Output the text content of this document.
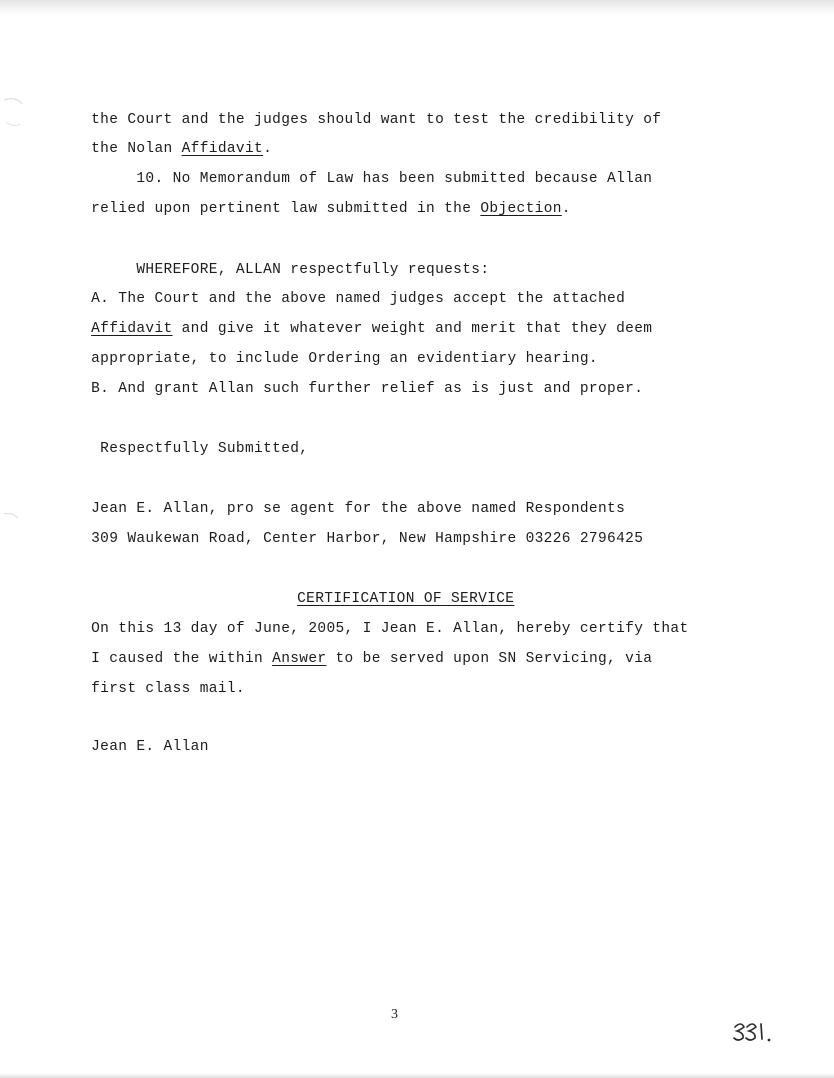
the Court and the judges should want to test the credibility of

the Nolan Affidavit.

10. No Memorandum of Law has been submitted because Allan

relied upon pertinent law submitted in the Objection.

WHEREFORE, ALLAN respectfully requests:

A. The Court and the above named judges accept the attached

Affidavit and give it whatever weight and merit that they deem

appropriate, to include Ordering an evidentiary hearing.

B. And grant Allan such further relief as is just and proper.

Respectfully Submitted,

Jean E. Allan, pro se agent for the above named Respondents

309 Waukewan Road, Center Harbor, New Hampshire 03226 2796425

CERTIFICATION OF SERVICE

On this 13 day of June, 2005, I Jean E. Allan, hereby certify that

I caused the within Answer to be served upon SN Servicing, via

first class mail.

Jean E. Allan

3
